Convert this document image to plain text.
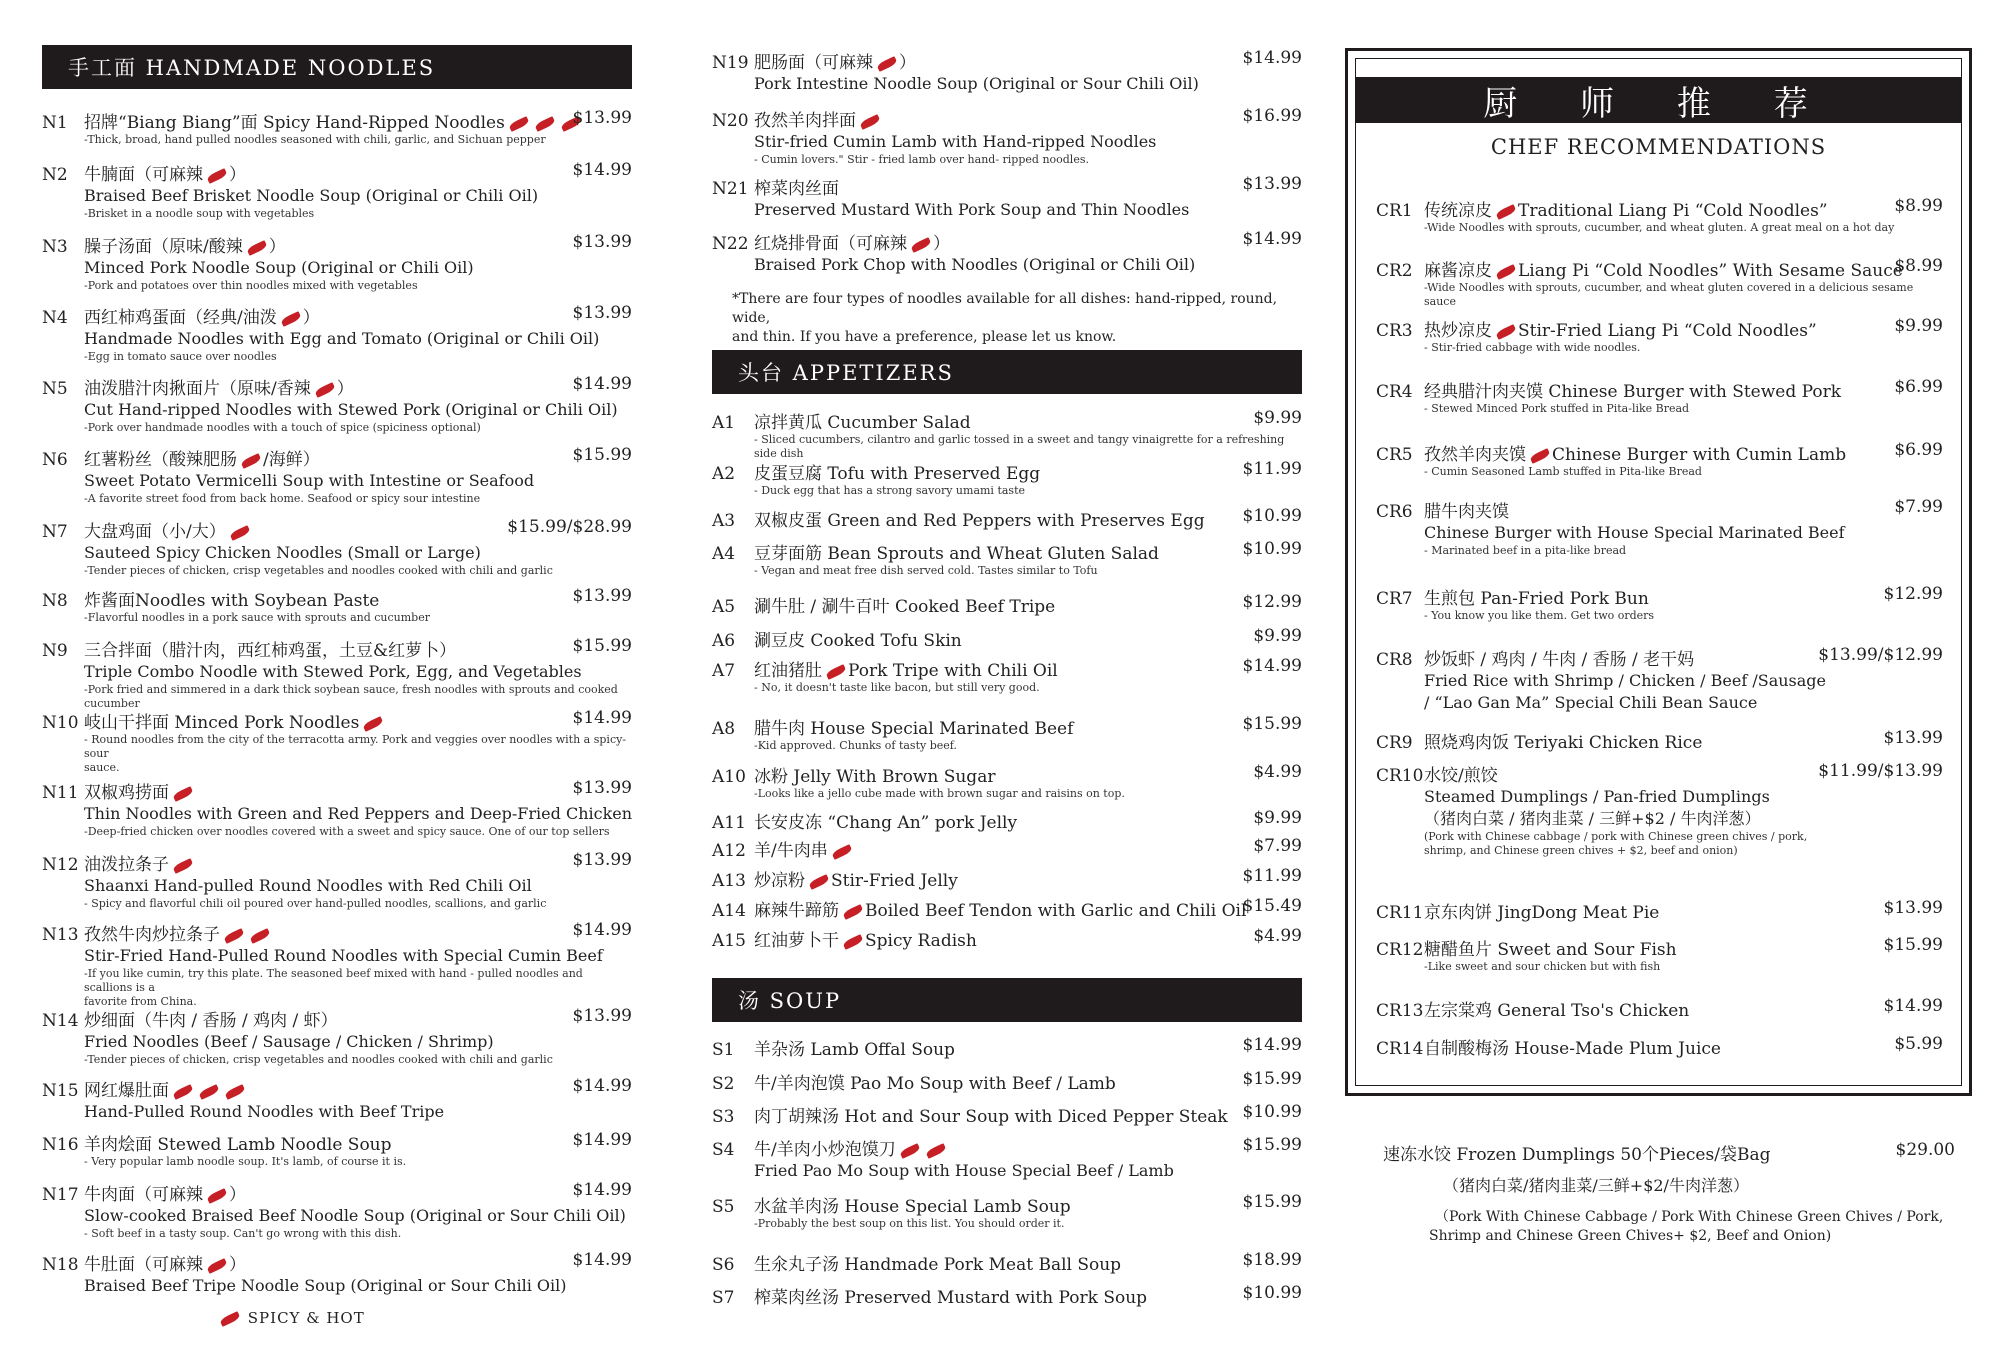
手工面 HANDMADE NOODLES
N1 招牌“Biang Biang”面 Spicy Hand-Ripped Noodles	$13.99
-Thick, broad, hand pulled noodles seasoned with chili, garlic, and Sichuan pepper
N2 牛腩面（可麻辣 ）	$14.99
Braised Beef Brisket Noodle Soup (Original or Chili Oil)
-Brisket in a noodle soup with vegetables
N3 臊子汤面（原味/酸辣 ）	$13.99
Minced Pork Noodle Soup (Original or Chili Oil)
-Pork and potatoes over thin noodles mixed with vegetables
N4 西红柿鸡蛋面（经典/油泼 ）	$13.99
Handmade Noodles with Egg and Tomato (Original or Chili Oil)
-Egg in tomato sauce over noodles
N5 油泼腊汁肉揪面片（原味/香辣 ）	$14.99
Cut Hand-ripped Noodles with Stewed Pork (Original or Chili Oil)
-Pork over handmade noodles with a touch of spice (spiciness optional)
N6 红薯粉丝（酸辣肥肠 /海鲜）	$15.99
Sweet Potato Vermicelli Soup with Intestine or Seafood
-A favorite street food from back home. Seafood or spicy sour intestine
N7 大盘鸡面（小/大）	$15.99/$28.99
Sauteed Spicy Chicken Noodles (Small or Large)
-Tender pieces of chicken, crisp vegetables and noodles cooked with chili and garlic
N8 炸酱面Noodles with Soybean Paste	$13.99
-Flavorful noodles in a pork sauce with sprouts and cucumber
N9 三合拌面（腊汁肉，西红柿鸡蛋，土豆&红萝卜）	$15.99
Triple Combo Noodle with Stewed Pork, Egg, and Vegetables
-Pork fried and simmered in a dark thick soybean sauce, fresh noodles with sprouts and cooked cucumber
N10 岐山干拌面 Minced Pork Noodles	$14.99
- Round noodles from the city of the terracotta army. Pork and veggies over noodles with a spicy-sour
sauce.
N11 双椒鸡捞面	$13.99
Thin Noodles with Green and Red Peppers and Deep-Fried Chicken
-Deep-fried chicken over noodles covered with a sweet and spicy sauce. One of our top sellers
N12 油泼拉条子	$13.99
Shaanxi Hand-pulled Round Noodles with Red Chili Oil
- Spicy and flavorful chili oil poured over hand-pulled noodles, scallions, and garlic
N13 孜然牛肉炒拉条子	$14.99
Stir-Fried Hand-Pulled Round Noodles with Special Cumin Beef
-If you like cumin, try this plate. The seasoned beef mixed with hand - pulled noodles and scallions is a
favorite from China.
N14 炒细面（牛肉 / 香肠 / 鸡肉 / 虾）	$13.99
Fried Noodles (Beef / Sausage / Chicken / Shrimp)
-Tender pieces of chicken, crisp vegetables and noodles cooked with chili and garlic
N15 网红爆肚面	$14.99
Hand-Pulled Round Noodles with Beef Tripe
N16 羊肉烩面 Stewed Lamb Noodle Soup	$14.99
- Very popular lamb noodle soup. It's lamb, of course it is.
N17 牛肉面（可麻辣 ）	$14.99
Slow-cooked Braised Beef Noodle Soup (Original or Sour Chili Oil)
- Soft beef in a tasty soup. Can't go wrong with this dish.
N18 牛肚面（可麻辣 ）	$14.99
Braised Beef Tripe Noodle Soup (Original or Sour Chili Oil)
SPICY & HOT
N19 肥肠面（可麻辣 ）	$14.99
Pork Intestine Noodle Soup (Original or Sour Chili Oil)
N20 孜然羊肉拌面	$16.99
Stir-fried Cumin Lamb with Hand-ripped Noodles
- Cumin lovers." Stir - fried lamb over hand- ripped noodles.
N21 榨菜肉丝面	$13.99
Preserved Mustard With Pork Soup and Thin Noodles
N22 红烧排骨面（可麻辣 ）	$14.99
Braised Pork Chop with Noodles (Original or Chili Oil)
*There are four types of noodles available for all dishes: hand-ripped, round, wide,
and thin. If you have a preference, please let us know.
头台 APPETIZERS
A1	凉拌黄瓜 Cucumber Salad	$9.99
- Sliced cucumbers, cilantro and garlic tossed in a sweet and tangy vinaigrette for a refreshing side dish
A2	皮蛋豆腐 Tofu with Preserved Egg	$11.99
- Duck egg that has a strong savory umami taste
A3	双椒皮蛋 Green and Red Peppers with Preserves Egg	$10.99
A4	豆芽面筋 Bean Sprouts and Wheat Gluten Salad	$10.99
- Vegan and meat free dish served cold. Tastes similar to Tofu
A5	涮牛肚 / 涮牛百叶 Cooked Beef Tripe	$12.99
A6	涮豆皮 Cooked Tofu Skin	$9.99
A7	红油猪肚 Pork Tripe with Chili Oil	$14.99
- No, it doesn't taste like bacon, but still very good.
A8	腊牛肉 House Special Marinated Beef	$15.99
-Kid approved. Chunks of tasty beef.
A10 冰粉 Jelly With Brown Sugar	$4.99
-Looks like a jello cube made with brown sugar and raisins on top.
A11 长安皮冻 “Chang An” pork Jelly	$9.99
A12 羊/牛肉串	$7.99
A13 炒凉粉 Stir-Fried Jelly	$11.99
A14 麻辣牛蹄筋 Boiled Beef Tendon with Garlic and Chili Oil
$15.49
A15 红油萝卜干 Spicy Radish	$4.99
汤 SOUP
S1	羊杂汤 Lamb Offal Soup	$14.99
S2	牛/羊肉泡馍 Pao Mo Soup with Beef / Lamb	$15.99
S3	肉丁胡辣汤 Hot and Sour Soup with Diced Pepper Steak $10.99
S4	牛/羊肉小炒泡馍刀	$15.99
Fried Pao Mo Soup with House Special Beef / Lamb
S5	水盆羊肉汤 House Special Lamb Soup	$15.99
-Probably the best soup on this list. You should order it.
S6	生氽丸子汤 Handmade Pork Meat Ball Soup	$18.99
S7	榨菜肉丝汤 Preserved Mustard with Pork Soup	$10.99
厨 师 推 荐
CHEF RECOMMENDATIONS
CR1 传统凉皮 Traditional Liang Pi “Cold Noodles”	$8.99
-Wide Noodles with sprouts, cucumber, and wheat gluten. A great meal on a hot day
CR2 麻酱凉皮 Liang Pi “Cold Noodles” With Sesame Sauce
$8.99
-Wide Noodles with sprouts, cucumber, and wheat gluten covered in a delicious sesame sauce
CR3 热炒凉皮 Stir-Fried Liang Pi “Cold Noodles”	$9.99
- Stir-fried cabbage with wide noodles.
CR4 经典腊汁肉夹馍 Chinese Burger with Stewed Pork	$6.99
- Stewed Minced Pork stuffed in Pita-like Bread
CR5 孜然羊肉夹馍 Chinese Burger with Cumin Lamb	$6.99
- Cumin Seasoned Lamb stuffed in Pita-like Bread
CR6 腊牛肉夹馍	$7.99
Chinese Burger with House Special Marinated Beef
- Marinated beef in a pita-like bread
CR7 生煎包 Pan-Fried Pork Bun	$12.99
- You know you like them. Get two orders
CR8 炒饭虾 / 鸡肉 / 牛肉 / 香肠 / 老干妈	$13.99/$12.99
Fried Rice with Shrimp / Chicken / Beef /Sausage
/ “Lao Gan Ma” Special Chili Bean Sauce
CR9 照烧鸡肉饭 Teriyaki Chicken Rice	$13.99
CR10 水饺/煎饺	$11.99/$13.99
Steamed Dumplings / Pan-fried Dumplings
（猪肉白菜 / 猪肉韭菜 / 三鲜+$2 / 牛肉洋葱）
(Pork with Chinese cabbage / pork with Chinese green chives / pork,
shrimp, and Chinese green chives + $2, beef and onion)
CR11 京东肉饼 JingDong Meat Pie	$13.99
CR12 糖醋鱼片 Sweet and Sour Fish	$15.99
-Like sweet and sour chicken but with fish
CR13 左宗棠鸡 General Tso's Chicken	$14.99
CR14 自制酸梅汤 House-Made Plum Juice	$5.99
速冻水饺 Frozen Dumplings 50个Pieces/袋Bag	$29.00
（猪肉白菜/猪肉韭菜/三鲜+$2/牛肉洋葱）
（Pork With Chinese Cabbage / Pork With Chinese Green Chives / Pork,
Shrimp and Chinese Green Chives+ $2, Beef and Onion)
